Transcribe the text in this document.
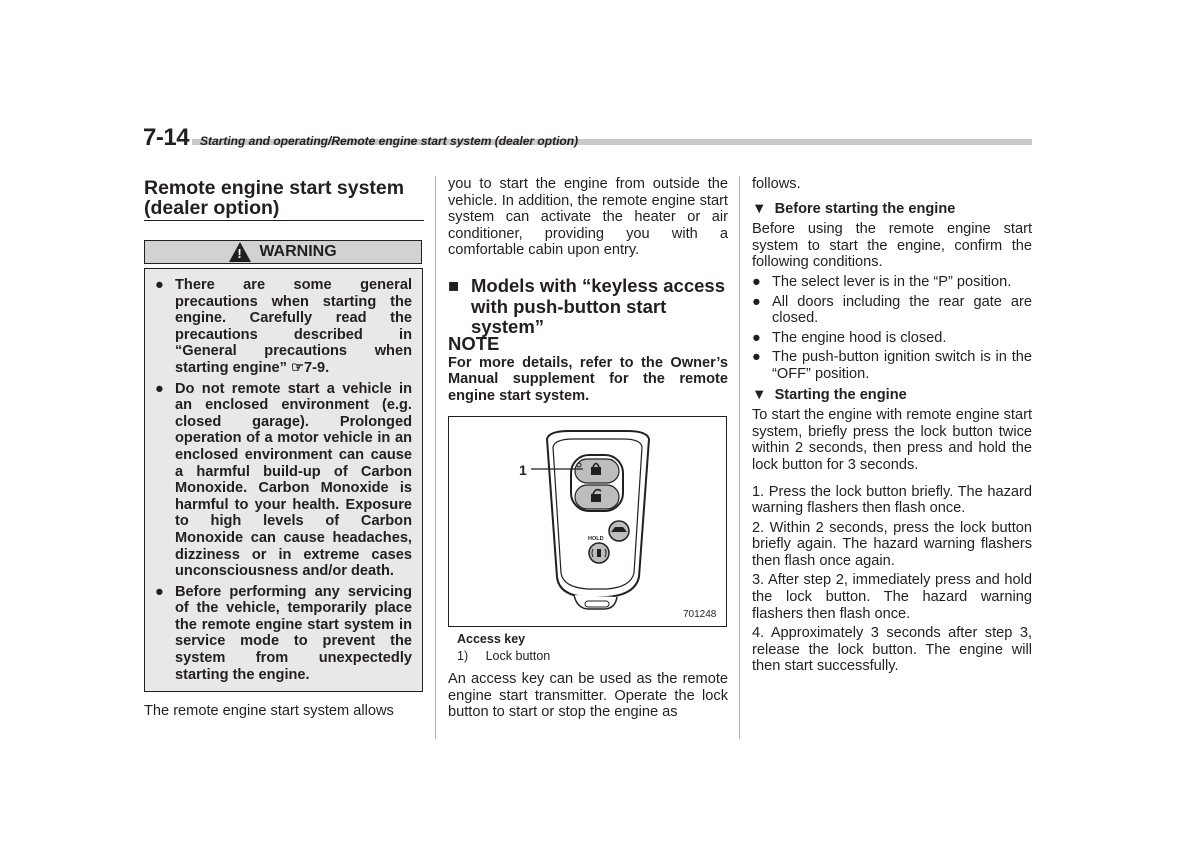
7-14 Starting and operating/Remote engine start system (dealer option)

Remote engine start system

(dealer option)

! WARNING
● There are some general precautions when starting the engine. Carefully read the precautions described in “General precautions when starting engine” ☞7-9.
● Do not remote start a vehicle in an enclosed environment (e.g. closed garage). Prolonged operation of a motor vehicle in an enclosed environment can cause a harmful build-up of Carbon Monoxide. Carbon Monoxide is harmful to your health. Exposure to high levels of Carbon Monoxide can cause headaches, dizziness or in extreme cases unconsciousness and/or death.
● Before performing any servicing of the vehicle, temporarily place the remote engine start system in service mode to prevent the system from unexpectedly starting the engine.
The remote engine start system allows
you to start the engine from outside the vehicle. In addition, the remote engine start system can activate the heater or air conditioner, providing you with a comfortable cabin upon entry.
■ Models with “keyless access with push-button start system”
NOTE

For more details, refer to the Owner’s Manual supplement for the remote engine start system.

1
HOLD
701248
Access key
1) Lock button
An access key can be used as the remote engine start transmitter. Operate the lock button to start or stop the engine as

follows.

▼ Before starting the engine

Before using the remote engine start system to start the engine, confirm the following conditions.

● The select lever is in the “P” position.
● All doors including the rear gate are closed.
● The engine hood is closed.
● The push-button ignition switch is in the “OFF” position.

▼ Starting the engine

To start the engine with remote engine start system, briefly press the lock button twice within 2 seconds, then press and hold the lock button for 3 seconds.

1. Press the lock button briefly. The hazard warning flashers then flash once.

2. Within 2 seconds, press the lock button briefly again. The hazard warning flashers then flash once again.

3. After step 2, immediately press and hold the lock button. The hazard warning flashers then flash once.

4. Approximately 3 seconds after step 3, release the lock button. The engine will then start successfully.
